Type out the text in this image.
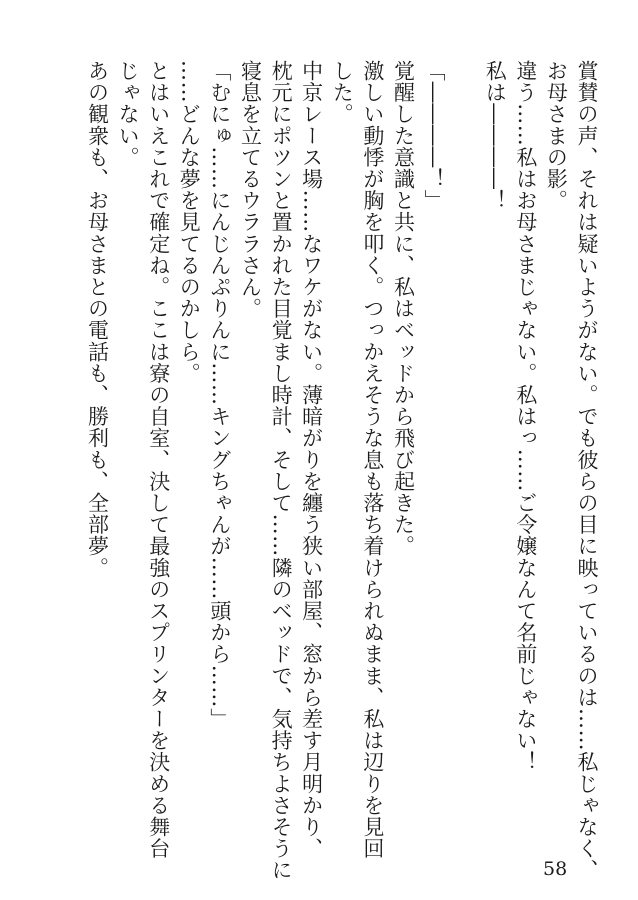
賞賛の声、それは疑いようがない。でも彼らの目に映っているのは……私じゃなく、

お母さまの影。

違う……私はお母さまじゃない。私はっ……ご令嬢なんて名前じゃない！

私は――――！

「――――！」

覚醒した意識と共に、私はベッドから飛び起きた。

激しい動悸が胸を叩く。つっかえそうな息も落ち着けられぬまま、私は辺りを見回

した。

中京レース場……なワケがない。薄暗がりを纏う狭い部屋、窓から差す月明かり、

枕元にポツンと置かれた目覚まし時計、そして……隣のベッドで、気持ちよさそうに

寝息を立てるウララさん。

「むにゅ……にんじんぷりんに……キングちゃんが……頭から……」

……どんな夢を見てるのかしら。

とはいえこれで確定ね。ここは寮の自室、決して最強のスプリンターを決める舞台

じゃない。

あの観衆も、お母さまとの電話も、勝利も、全部夢。

58
